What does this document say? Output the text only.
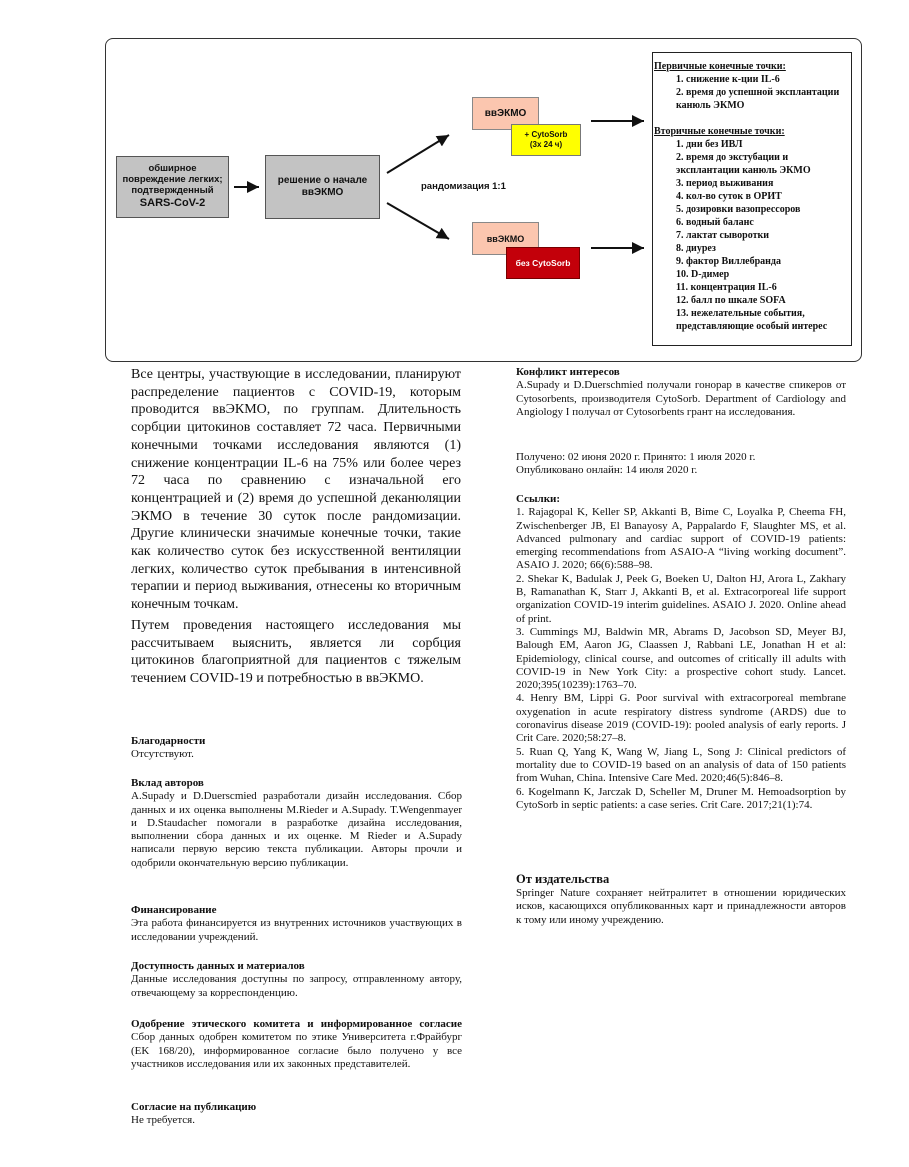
обширное
повреждение легких;
подтвержденный
SARS-CoV-2
решение о начале ввЭКМО
рандомизация 1:1
ввЭКМО
+ CytoSorb
(3х 24 ч)
ввЭКМО
без CytoSorb
Первичные конечные точки:
1. снижение к-ции IL-6
2. время до успешной эксплантации канюль ЭКМО
Вторичные конечные точки:
1. дни без ИВЛ
2. время до экстубации и эксплантации канюль ЭКМО
3. период выживания
4. кол-во суток в ОРИТ
5. дозировки вазопрессоров
6. водный баланс
7. лактат сыворотки
8. диурез
9. фактор Виллебранда
10. D-димер
11. концентрация IL-6
12. балл по шкале SOFA
13. нежелательные события, представляющие особый интерес

Все центры, участвующие в исследовании, планируют распределение пациентов с COVID-19, которым проводится ввЭКМО, по группам. Длительность сорбции цитокинов составляет 72 часа. Первичными конечными точками исследования являются (1) снижение концентрации IL-6 на 75% или более через 72 часа по сравнению с изначальной его концентрацией и (2) время до успешной деканюляции ЭКМО в течение 30 суток после рандомизации. Другие клинически значимые конечные точки, такие как количество суток без искусственной вентиляции легких, количество суток пребывания в интенсивной терапии и период выживания, отнесены ко вторичным конечным точкам.

Путем проведения настоящего исследования мы рассчитываем выяснить, является ли сорбция цитокинов благоприятной для пациентов с тяжелым течением COVID-19 и потребностью в ввЭКМО.

Благодарности

Отсутствуют.

Вклад авторов

A.Supady и D.Duerscmied разработали дизайн исследования. Сбор данных и их оценка выполнены M.Rieder и A.Supady. T.Wengenmayer и D.Staudacher помогали в разработке дизайна исследования, выполнении сбора данных и их оценке. M Rieder и A.Supady написали первую версию текста публикации. Авторы прочли и одобрили окончательную версию публикации.

Финансирование

Эта работа финансируется из внутренних источников участвующих в исследовании учреждений.

Доступность данных и материалов

Данные исследования доступны по запросу, отправленному автору, отвечающему за корреспонденцию.

Одобрение этического комитета и информированное согласие Сбор данных одобрен комитетом по этике Университета г.Фрайбург (EK 168/20), информированное согласие было получено у все участников исследования или их законных представителей.

Согласие на публикацию

Не требуется.

Конфликт интересов

A.Supady и D.Duerschmied получали гонорар в качестве спикеров от Cytosorbents, производителя CytoSorb. Department of Cardiology and Angiology I получал от Cytosorbents грант на исследования.

Получено: 02 июня 2020 г. Принято: 1 июля 2020 г.

Опубликовано онлайн: 14 июля 2020 г.

Ссылки:

1. Rajagopal K, Keller SP, Akkanti B, Bime C, Loyalka P, Cheema FH, Zwischenberger JB, El Banayosy A, Pappalardo F, Slaughter MS, et al. Advanced pulmonary and cardiac support of COVID-19 patients: emerging recommendations from ASAIO-A “living working document”. ASAIO J. 2020; 66(6):588–98.

2. Shekar K, Badulak J, Peek G, Boeken U, Dalton HJ, Arora L, Zakhary B, Ramanathan K, Starr J, Akkanti B, et al. Extracorporeal life support organization COVID-19 interim guidelines. ASAIO J. 2020. Online ahead of print.

3. Cummings MJ, Baldwin MR, Abrams D, Jacobson SD, Meyer BJ, Balough EM, Aaron JG, Claassen J, Rabbani LE, Jonathan H et al: Epidemiology, clinical course, and outcomes of critically ill adults with COVID-19 in New York City: a prospective cohort study. Lancet. 2020;395(10239):1763–70.

4. Henry BM, Lippi G. Poor survival with extracorporeal membrane oxygenation in acute respiratory distress syndrome (ARDS) due to coronavirus disease 2019 (COVID-19): pooled analysis of early reports. J Crit Care. 2020;58:27–8.

5. Ruan Q, Yang K, Wang W, Jiang L, Song J: Clinical predictors of mortality due to COVID-19 based on an analysis of data of 150 patients from Wuhan, China. Intensive Care Med. 2020;46(5):846–8.

6. Kogelmann K, Jarczak D, Scheller M, Druner M. Hemoadsorption by CytoSorb in septic patients: a case series. Crit Care. 2017;21(1):74.

От издательства

Springer Nature сохраняет нейтралитет в отношении юридических исков, касающихся опубликованных карт и принадлежности авторов к тому или иному учреждению.
